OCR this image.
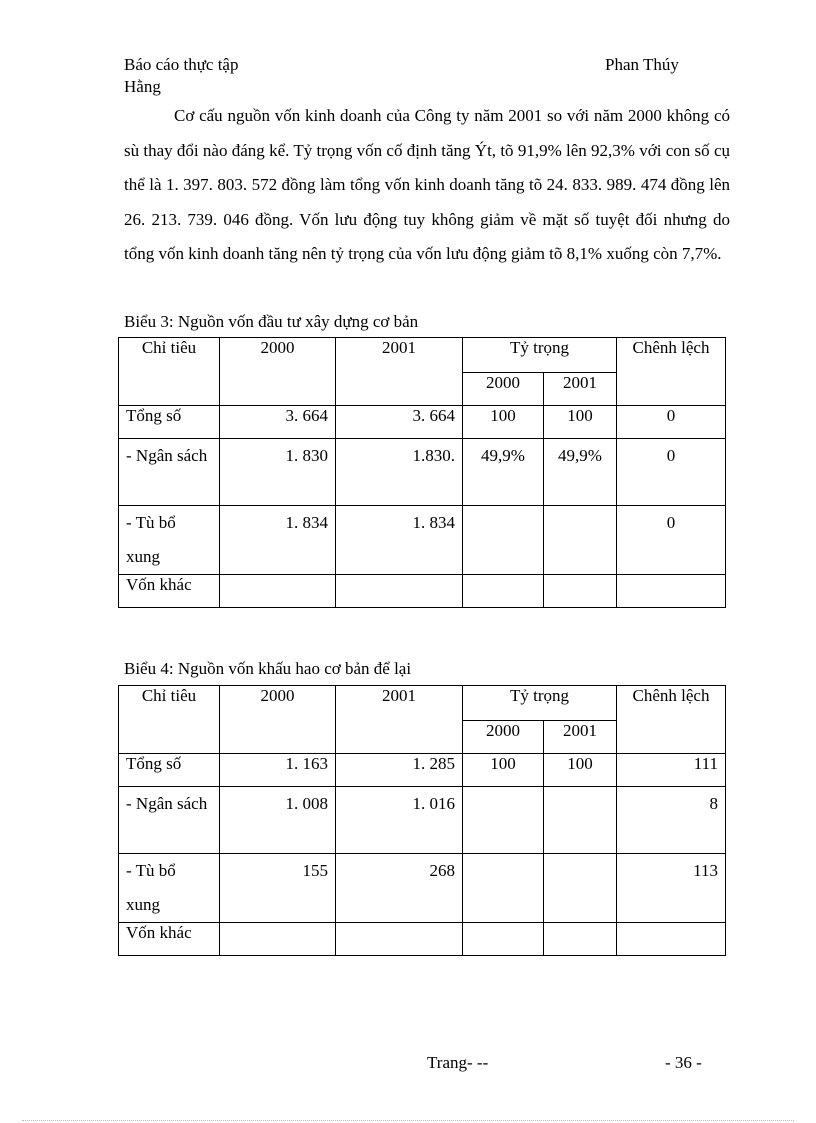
Báo cáo thực tập
Hằng
Phan Thúy

Cơ cấu nguồn vốn kinh doanh của Công ty năm 2001 so với năm 2000 không có sù thay đổi nào đáng kể. Tỷ trọng vốn cố định tăng Ýt, tõ 91,9% lên 92,3% với con số cụ thể là 1. 397. 803. 572 đồng làm tổng vốn kinh doanh tăng tõ 24. 833. 989. 474 đồng lên 26. 213. 739. 046 đồng. Vốn lưu động tuy không giảm về mặt số tuyệt đối nhưng do tổng vốn kinh doanh tăng nên tỷ trọng của vốn lưu động giảm tõ 8,1% xuống còn 7,7%.

Biểu 3: Nguồn vốn đầu tư xây dựng cơ bản
Chỉ tiêu	2000	2001	Tỷ trọng		Chênh lệch
			2000	2001	
Tổng số	3. 664	3. 664	100	100	0
- Ngân sách	1. 830	1.830.	49,9%	49,9%	0
- Tù bổ xung	1. 834	1. 834			0
Vốn khác					
Biểu 4: Nguồn vốn khấu hao cơ bản để lại
Chỉ tiêu	2000	2001	Tỷ trọng		Chênh lệch
			2000	2001	
Tổng số	1. 163	1. 285	100	100	111
- Ngân sách	1. 008	1. 016			8
- Tù bổ xung	155	268			113
Vốn khác					
Trang- --	- 36 -
